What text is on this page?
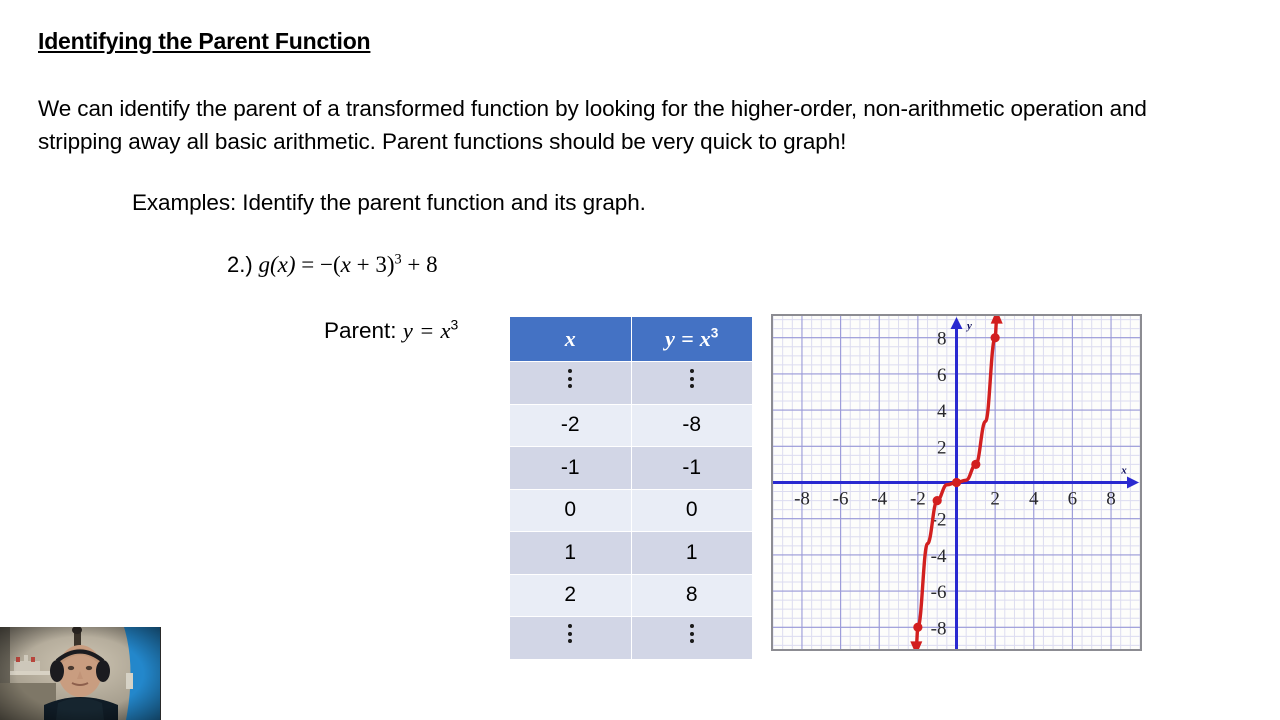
Identifying the Parent Function
We can identify the parent of a transformed function by looking for the higher-order, non-arithmetic operation and stripping away all basic arithmetic. Parent functions should be very quick to graph!
Examples: Identify the parent function and its graph.
2.) $g(x) = -(x + 3)^3 + 8$
Parent: $y = x^3$
x	$y = x^3$

-2	-8
-1	-1
0	0
1	1
2	8

x
y
-8 -6 -4 -2	2 4 6 8
8
6
4
2
-2
-4
-6
-8
